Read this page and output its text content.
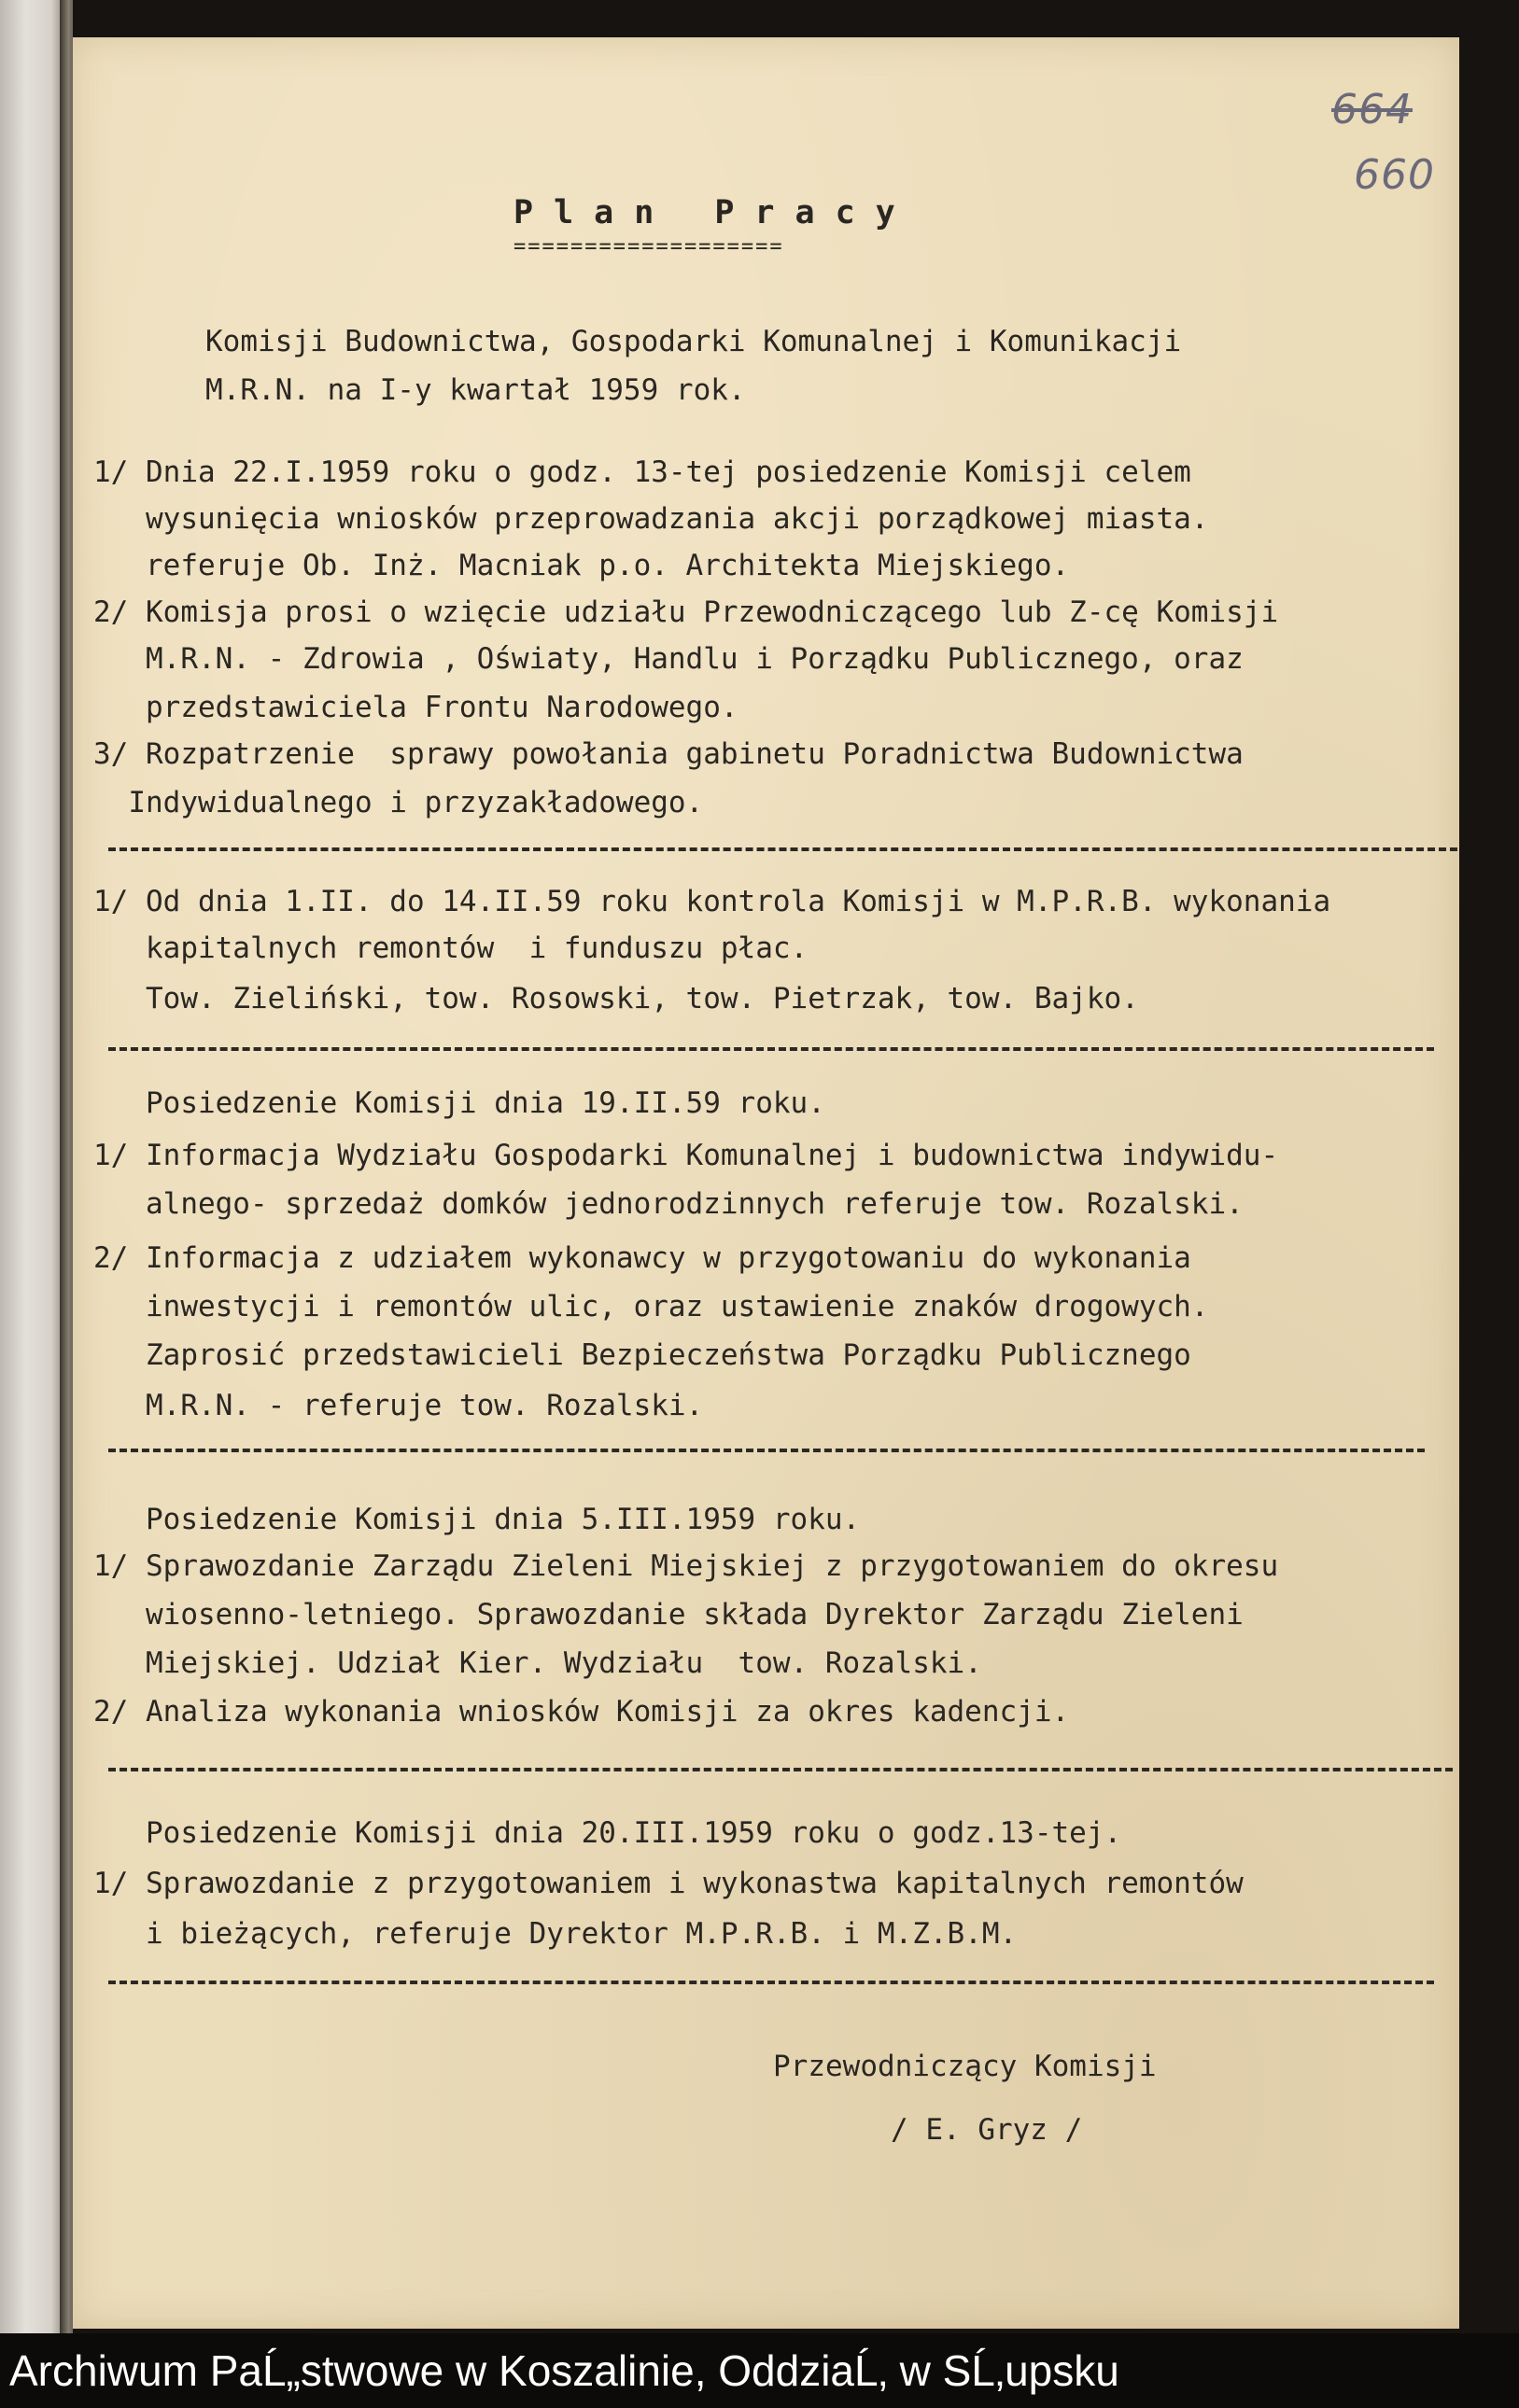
664
660
Plan Pracy
===================
Komisji Budownictwa, Gospodarki Komunalnej i Komunikacji
M.R.N. na I-y kwartał 1959 rok.
1/ Dnia 22.I.1959 roku o godz. 13-tej posiedzenie Komisji celem
wysunięcia wniosków przeprowadzania akcji porządkowej miasta.
referuje Ob. Inż. Macniak p.o. Architekta Miejskiego.
2/ Komisja prosi o wzięcie udziału Przewodniczącego lub Z-cę Komisji
M.R.N. - Zdrowia , Oświaty, Handlu i Porządku Publicznego, oraz
przedstawiciela Frontu Narodowego.
3/ Rozpatrzenie  sprawy powołania gabinetu Poradnictwa Budownictwa
Indywidualnego i przyzakładowego.
1/ Od dnia 1.II. do 14.II.59 roku kontrola Komisji w M.P.R.B. wykonania
kapitalnych remontów  i funduszu płac.
Tow. Zieliński, tow. Rosowski, tow. Pietrzak, tow. Bajko.
Posiedzenie Komisji dnia 19.II.59 roku.
1/ Informacja Wydziału Gospodarki Komunalnej i budownictwa indywidu-
alnego- sprzedaż domków jednorodzinnych referuje tow. Rozalski.
2/ Informacja z udziałem wykonawcy w przygotowaniu do wykonania
inwestycji i remontów ulic, oraz ustawienie znaków drogowych.
Zaprosić przedstawicieli Bezpieczeństwa Porządku Publicznego
M.R.N. - referuje tow. Rozalski.
Posiedzenie Komisji dnia 5.III.1959 roku.
1/ Sprawozdanie Zarządu Zieleni Miejskiej z przygotowaniem do okresu
wiosenno-letniego. Sprawozdanie składa Dyrektor Zarządu Zieleni
Miejskiej. Udział Kier. Wydziału  tow. Rozalski.
2/ Analiza wykonania wniosków Komisji za okres kadencji.
Posiedzenie Komisji dnia 20.III.1959 roku o godz.13-tej.
1/ Sprawozdanie z przygotowaniem i wykonastwa kapitalnych remontów
i bieżących, referuje Dyrektor M.P.R.B. i M.Z.B.M.
Przewodniczący Komisji
/ E. Gryz /
Archiwum PaĹ„stwowe w Koszalinie, OddziaĹ‚ w SĹ‚upsku
